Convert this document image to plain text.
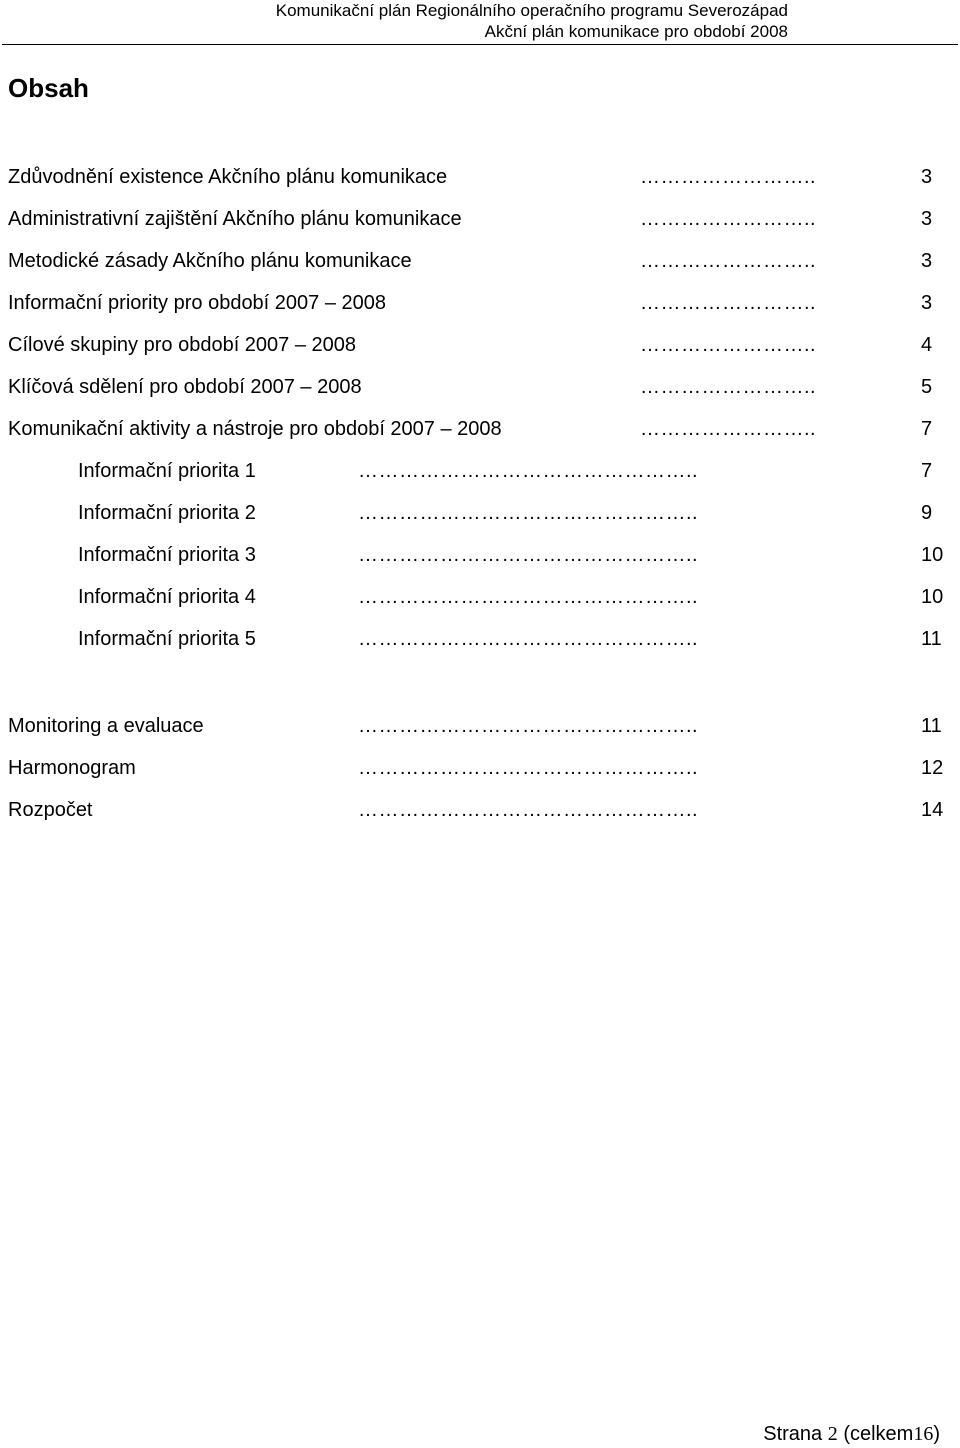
Komunikační plán Regionálního operačního programu Severozápad
Akční plán komunikace pro období 2008
Obsah
Zdůvodnění existence Akčního plánu komunikace	……………………..	3
Administrativní zajištění Akčního plánu komunikace	……………………..	3
Metodické zásady Akčního plánu komunikace	……………………..	3
Informační priority pro období 2007 – 2008	……………………..	3
Cílové skupiny pro období 2007 – 2008	……………………..	4
Klíčová sdělení pro období 2007 – 2008	……………………..	5
Komunikační aktivity a nástroje pro období 2007 – 2008	……………………..	7
Informační priorita 1	…………………………………………..	7
Informační priorita 2	…………………………………………..	9
Informační priorita 3	…………………………………………..	10
Informační priorita 4	…………………………………………..	10
Informační priorita 5	…………………………………………..	11
Monitoring a evaluace	…………………………………………..	11
Harmonogram	…………………………………………..	12
Rozpočet	…………………………………………..	14
Strana 2 (celkem16)
